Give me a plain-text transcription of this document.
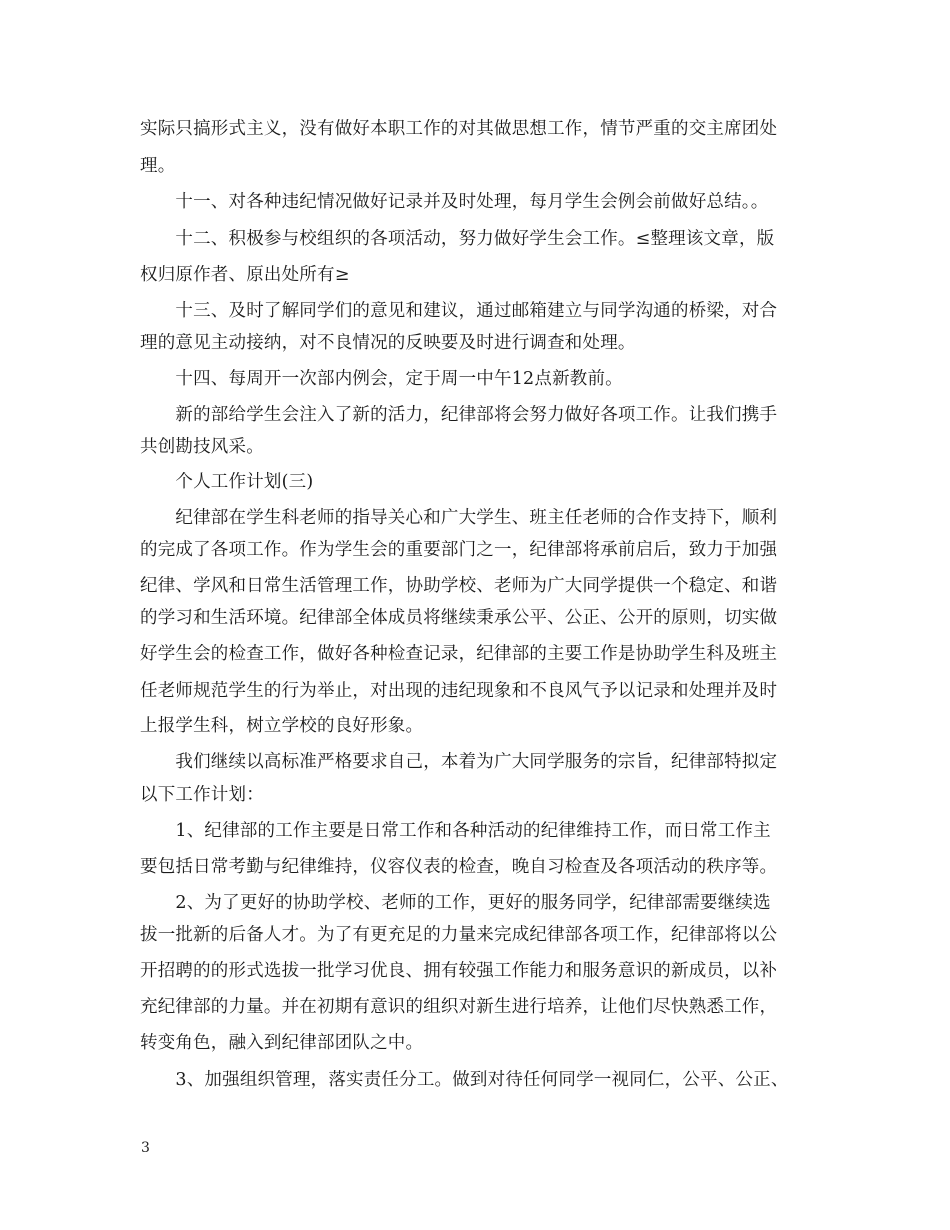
实际只搞形式主义，没有做好本职工作的对其做思想工作，情节严重的交主席团处
理。
　　十一、对各种违纪情况做好记录并及时处理，每月学生会例会前做好总结。。
　　十二、积极参与校组织的各项活动，努力做好学生会工作。≤整理该文章，版
权归原作者、原出处所有≥
　　十三、及时了解同学们的意见和建议，通过邮箱建立与同学沟通的桥梁，对合
理的意见主动接纳，对不良情况的反映要及时进行调查和处理。
　　十四、每周开一次部内例会，定于周一中午12点新教前。
　　新的部给学生会注入了新的活力，纪律部将会努力做好各项工作。让我们携手
共创勘技风采。
　　个人工作计划(三)
　　纪律部在学生科老师的指导关心和广大学生、班主任老师的合作支持下，顺利
的完成了各项工作。作为学生会的重要部门之一，纪律部将承前启后，致力于加强
纪律、学风和日常生活管理工作，协助学校、老师为广大同学提供一个稳定、和谐
的学习和生活环境。纪律部全体成员将继续秉承公平、公正、公开的原则，切实做
好学生会的检查工作，做好各种检查记录，纪律部的主要工作是协助学生科及班主
任老师规范学生的行为举止，对出现的违纪现象和不良风气予以记录和处理并及时
上报学生科，树立学校的良好形象。
　　我们继续以高标准严格要求自己，本着为广大同学服务的宗旨，纪律部特拟定
以下工作计划：
　　1、纪律部的工作主要是日常工作和各种活动的纪律维持工作，而日常工作主
要包括日常考勤与纪律维持，仪容仪表的检查，晚自习检查及各项活动的秩序等。
　　2、为了更好的协助学校、老师的工作，更好的服务同学，纪律部需要继续选
拔一批新的后备人才。为了有更充足的力量来完成纪律部各项工作，纪律部将以公
开招聘的的形式选拔一批学习优良、拥有较强工作能力和服务意识的新成员，以补
充纪律部的力量。并在初期有意识的组织对新生进行培养，让他们尽快熟悉工作，
转变角色，融入到纪律部团队之中。
　　3、加强组织管理，落实责任分工。做到对待任何同学一视同仁，公平、公正、
3
